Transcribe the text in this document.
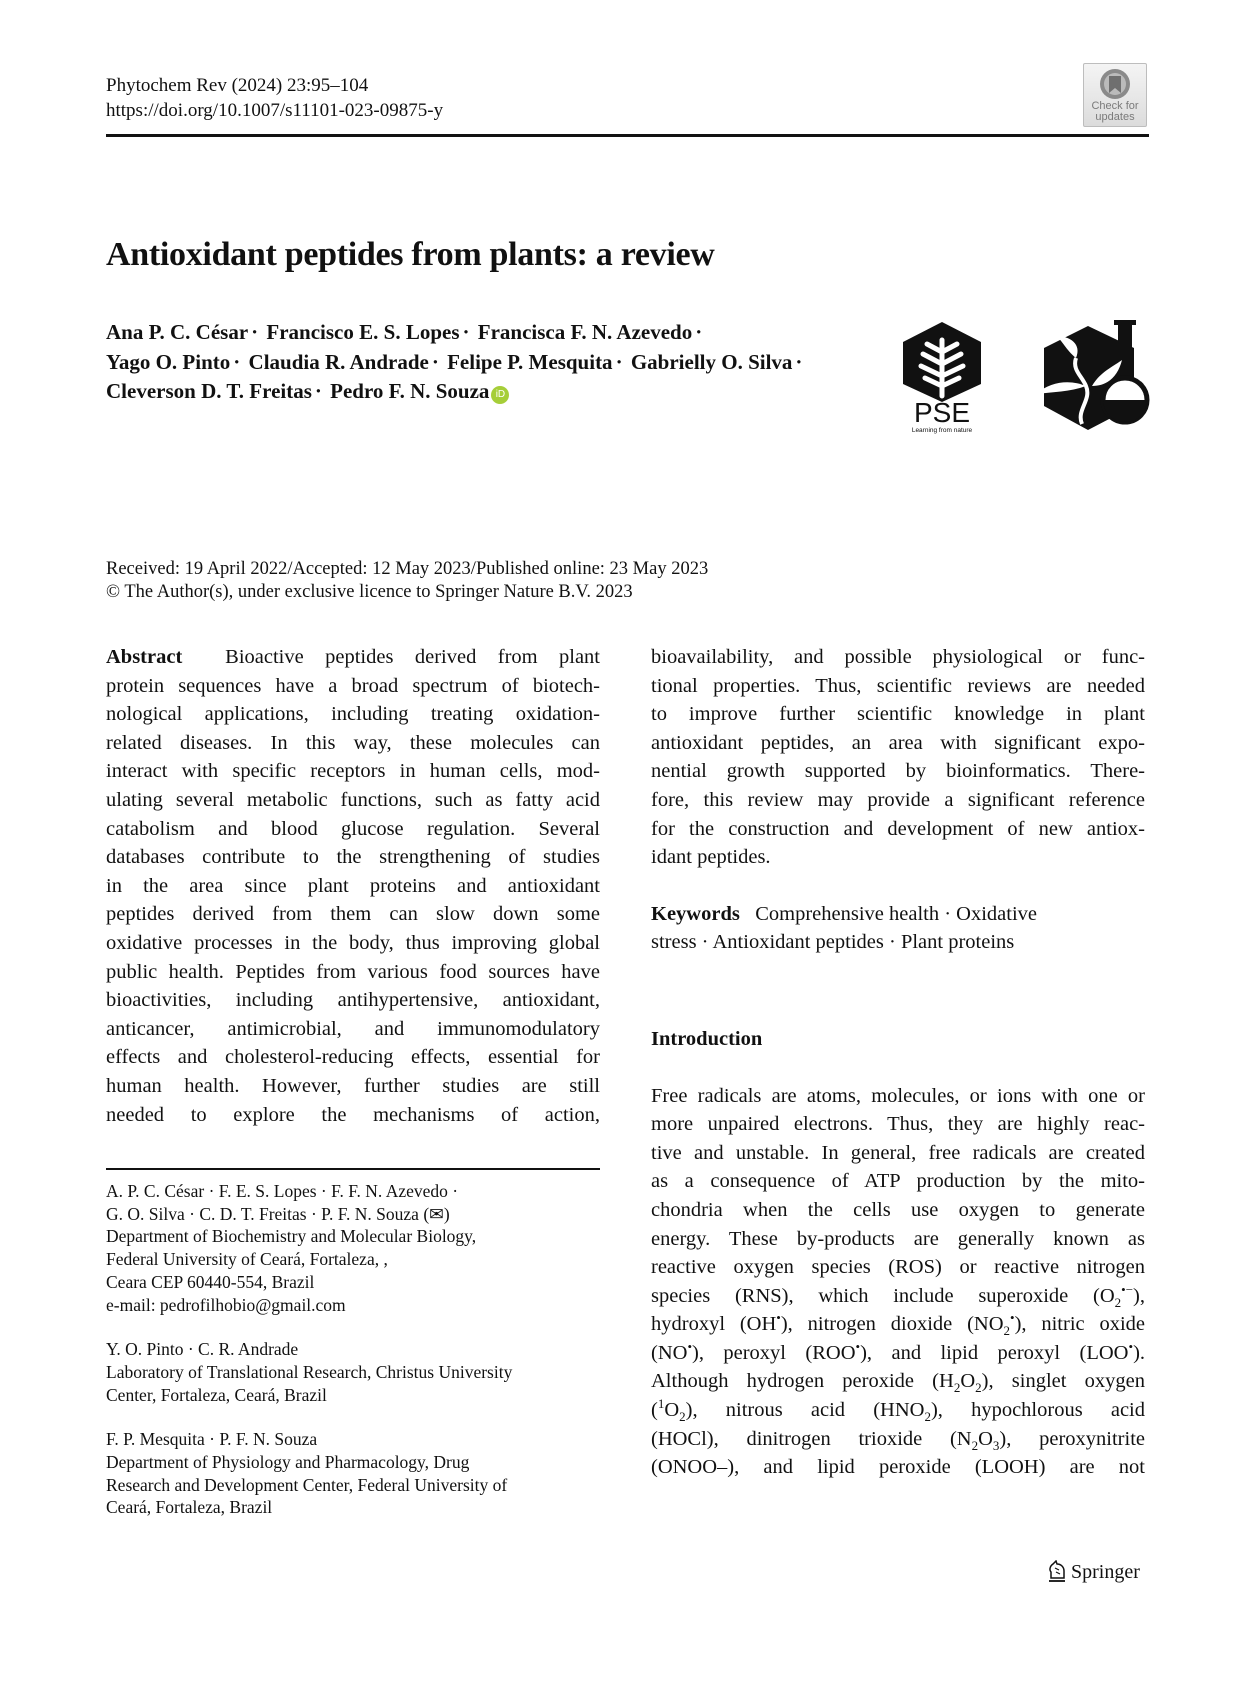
Phytochem Rev (2024) 23:95–104
https://doi.org/10.1007/s11101-023-09875-y	Check for
updates
Antioxidant peptides from plants: a review
Ana P. C. César · Francisco E. S. Lopes · Francisca F. N. Azevedo ·
Yago O. Pinto · Claudia R. Andrade · Felipe P. Mesquita · Gabrielly O. Silva ·
Cleverson D. T. Freitas · Pedro F. N. Souza iD
PSE
Learning from nature
Received: 19 April 2022/Accepted: 12 May 2023/Published online: 23 May 2023
© The Author(s), under exclusive licence to Springer Nature B.V. 2023
Abstract Bioactive peptides derived from plant
protein sequences have a broad spectrum of biotech-
nological applications, including treating oxidation-
related diseases. In this way, these molecules can
interact with specific receptors in human cells, mod-
ulating several metabolic functions, such as fatty acid
catabolism and blood glucose regulation. Several
databases contribute to the strengthening of studies
in the area since plant proteins and antioxidant
peptides derived from them can slow down some
oxidative processes in the body, thus improving global
public health. Peptides from various food sources have
bioactivities, including antihypertensive, antioxidant,
anticancer, antimicrobial, and immunomodulatory
effects and cholesterol-reducing effects, essential for
human health. However, further studies are still
needed to explore the mechanisms of action,
A. P. C. César · F. E. S. Lopes · F. F. N. Azevedo ·
G. O. Silva · C. D. T. Freitas · P. F. N. Souza (✉)
Department of Biochemistry and Molecular Biology,
Federal University of Ceará, Fortaleza, ,
Ceara CEP 60440-554, Brazil
e-mail: pedrofilhobio@gmail.com
Y. O. Pinto · C. R. Andrade
Laboratory of Translational Research, Christus University
Center, Fortaleza, Ceará, Brazil
F. P. Mesquita · P. F. N. Souza
Department of Physiology and Pharmacology, Drug
Research and Development Center, Federal University of
Ceará, Fortaleza, Brazil
bioavailability, and possible physiological or func-
tional properties. Thus, scientific reviews are needed
to improve further scientific knowledge in plant
antioxidant peptides, an area with significant expo-
nential growth supported by bioinformatics. There-
fore, this review may provide a significant reference
for the construction and development of new antiox-
idant peptides.
Keywords Comprehensive health · Oxidative
stress · Antioxidant peptides · Plant proteins
Introduction
Free radicals are atoms, molecules, or ions with one or
more unpaired electrons. Thus, they are highly reac-
tive and unstable. In general, free radicals are created
as a consequence of ATP production by the mito-
chondria when the cells use oxygen to generate
energy. These by-products are generally known as
reactive oxygen species (ROS) or reactive nitrogen
species (RNS), which include superoxide $(O_2^{•-})$,
hydroxyl (OH•), nitrogen dioxide $(NO_2^•)$, nitric oxide
(NO•), peroxyl (ROO•), and lipid peroxyl (LOO•).
Although hydrogen peroxide $(H_2O_2)$, singlet oxygen
$(^1O_2)$, nitrous acid $(HNO_2)$, hypochlorous acid
(HOCl), dinitrogen trioxide $(N_2O_3)$, peroxynitrite
(ONOO–), and lipid peroxide (LOOH) are not
Springer
